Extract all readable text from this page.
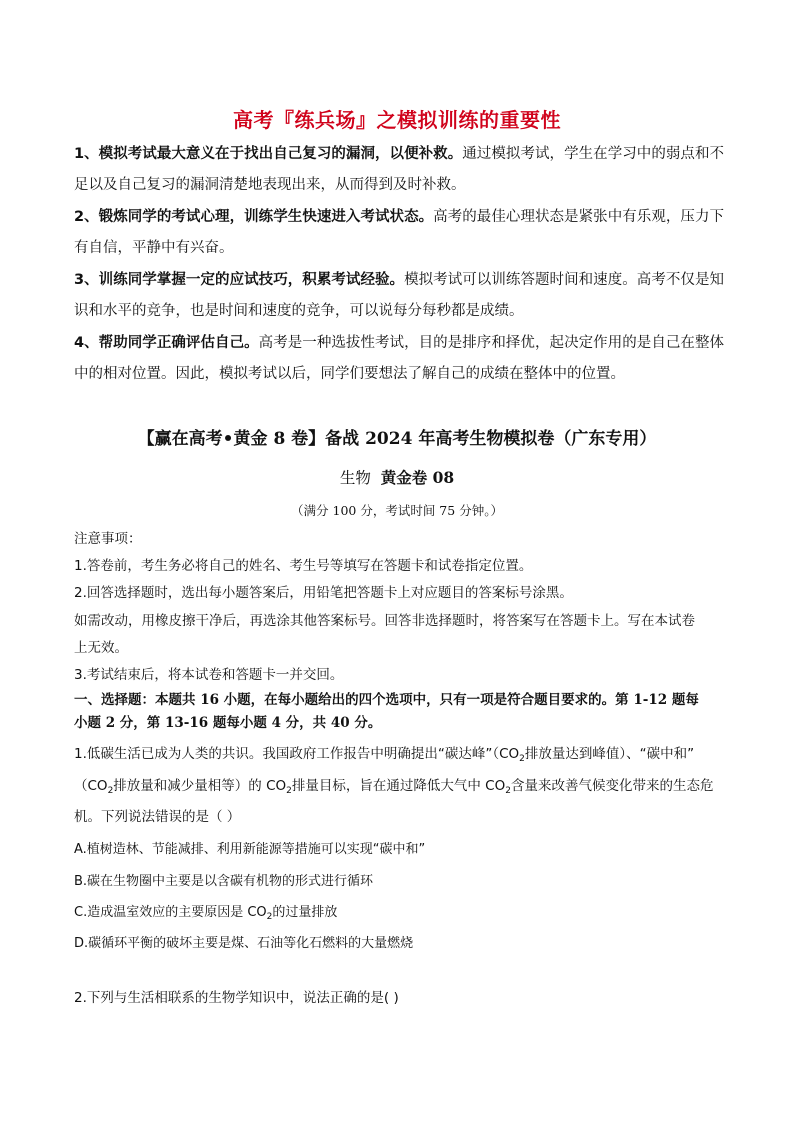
高考『练兵场』之模拟训练的重要性
1、模拟考试最大意义在于找出自己复习的漏洞，以便补救。通过模拟考试，学生在学习中的弱点和不足以及自己复习的漏洞清楚地表现出来，从而得到及时补救。
2、锻炼同学的考试心理，训练学生快速进入考试状态。高考的最佳心理状态是紧张中有乐观，压力下有自信，平静中有兴奋。
3、训练同学掌握一定的应试技巧，积累考试经验。模拟考试可以训练答题时间和速度。高考不仅是知识和水平的竞争，也是时间和速度的竞争，可以说每分每秒都是成绩。
4、帮助同学正确评估自己。高考是一种选拔性考试，目的是排序和择优，起决定作用的是自己在整体中的相对位置。因此，模拟考试以后，同学们要想法了解自己的成绩在整体中的位置。
【赢在高考•黄金 8 卷】备战 2024 年高考生物模拟卷（广东专用）
生物 黄金卷 08
（满分 100 分，考试时间 75 分钟。）
注意事项：
1.答卷前，考生务必将自己的姓名、考生号等填写在答题卡和试卷指定位置。
2.回答选择题时，选出每小题答案后，用铅笔把答题卡上对应题目的答案标号涂黑。
如需改动，用橡皮擦干净后，再选涂其他答案标号。回答非选择题时，将答案写在答题卡上。写在本试卷
上无效。
3.考试结束后，将本试卷和答题卡一并交回。
一、选择题：本题共 16 小题，在每小题给出的四个选项中，只有一项是符合题目要求的。第 1-12 题每
小题 2 分，第 13-16 题每小题 4 分，共 40 分。
1.低碳生活已成为人类的共识。我国政府工作报告中明确提出“碳达峰$”(CO_2$排放量达到峰值）、“碳中和”
（$CO_2$排放量和减少量相等）的 $CO_2$排量目标，旨在通过降低大气中 $CO_2$含量来改善气候变化带来的生态危
机。下列说法错误的是（ ）
A.植树造林、节能减排、利用新能源等措施可以实现“碳中和”
B.碳在生物圈中主要是以含碳有机物的形式进行循环
C.造成温室效应的主要原因是 $CO_2$的过量排放
D.碳循环平衡的破坏主要是煤、石油等化石燃料的大量燃烧
2.下列与生活相联系的生物学知识中，说法正确的是( )
